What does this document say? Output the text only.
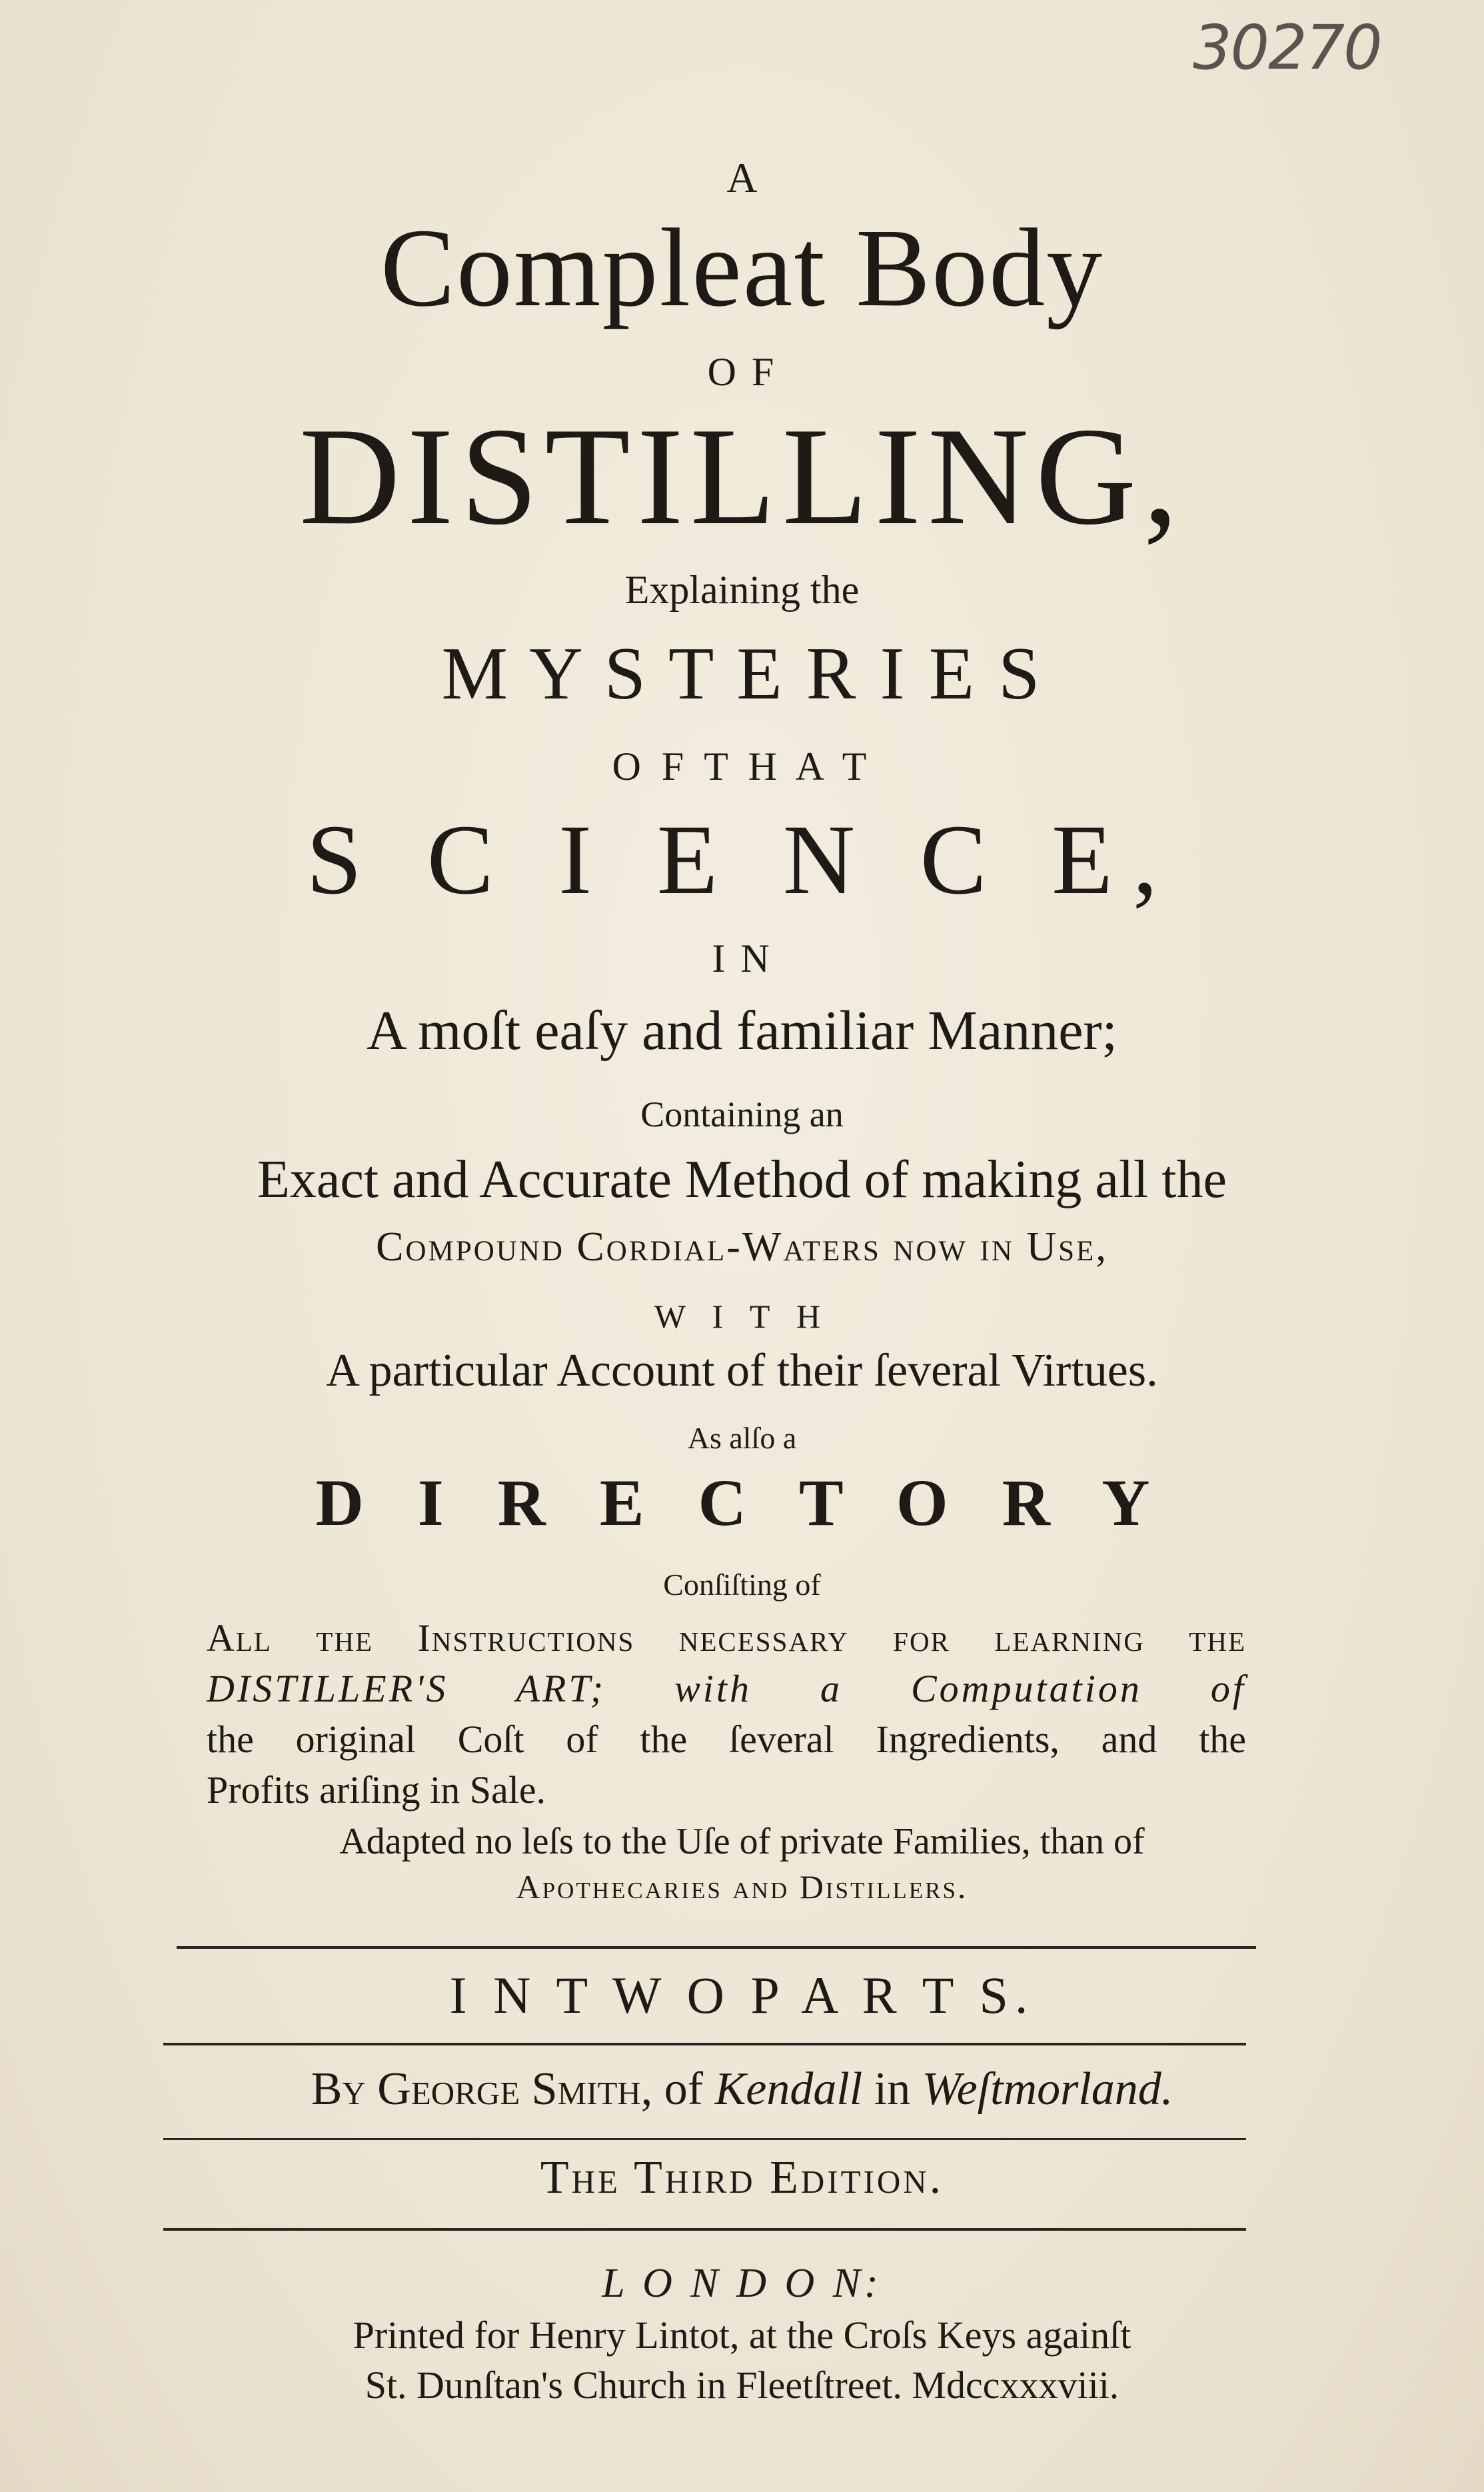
30270
A
Compleat Body
O F
DISTILLING,
Explaining the
M Y S T E R I E S
O F T H A T
S C I E N C E,
I N
A moſt eaſy and familiar Manner;
Containing an
Exact and Accurate Method of making all the
Compound Cordial-Waters now in Uſe,
W I T H
A particular Account of their ſeveral Virtues.
As alſo a
D I R E C T O R Y
Conſiſting of
All the Instructions neceſſary for learning the
DISTILLER'S ART; with a Computation of
the original Coſt of the ſeveral Ingredients, and the
Profits ariſing in Sale.
Adapted no leſs to the Uſe of private Families, than of
Apothecaries and Distillers.
I N T W O P A R T S.
By George Smith, of Kendall in Weſtmorland.
The Third Edition.
L O N D O N:
Printed for Henry Lintot, at the Croſs Keys againſt
St. Dunſtan's Church in Fleetſtreet. Mdccxxxviii.
